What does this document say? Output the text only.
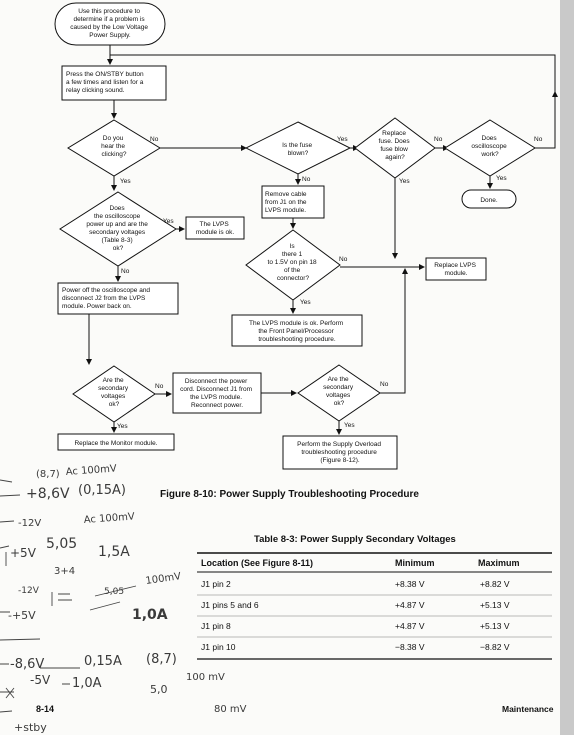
Use this procedure to determine if a problem is caused by the Low Voltage Power Supply.
Press the ON/STBY button a few times and listen for a relay clicking sound.
Do you hear the clicking?
No
Yes
Is the fuse blown?
Yes
No
Replace fuse. Does fuse blow again?
No
Yes
Does oscilloscope work?
No
Yes
Done.
Does the oscilloscope power up and are the secondary voltages (Table 8-3) ok?
Yes
No
The LVPS module is ok.
Remove cable from J1 on the LVPS module.
Is there 1 to 1.5V on pin 18 of the connector?
No
Yes
Replace LVPS module.
Power off the oscilloscope and disconnect J2 from the LVPS module. Power back on.
The LVPS module is ok. Perform the Front Panel/Processor troubleshooting procedure.
Are the secondary voltages ok?
No
Yes
Disconnect the power cord. Disconnect J1 from the LVPS module. Reconnect power.
Are the secondary voltages ok?
No
Yes
Replace the Monitor module.	Perform the Supply Overload troubleshooting procedure (Figure 8-12).
Figure 8-10: Power Supply Troubleshooting Procedure
Table 8-3: Power Supply Secondary Voltages
Location (See Figure 8-11)	Minimum	Maximum
J1 pin 2	+8.38 V	+8.82 V
J1 pins 5 and 6	+4.87 V	+5.13 V
J1 pin 8	+4.87 V	+5.13 V
J1 pin 10	−8.38 V	−8.82 V
(8,7) Ac 100mV
+8,6V (0,15A)
-12V	Ac 100mV
+5V
5,05 1,5A
3+4
5,05
100mV
-12V
-+5V	1,0A
-8,6V	0,15A (8,7)
100 mV
-5V 1,0A	5,0
80 mV
+stby
8-14	Maintenance
